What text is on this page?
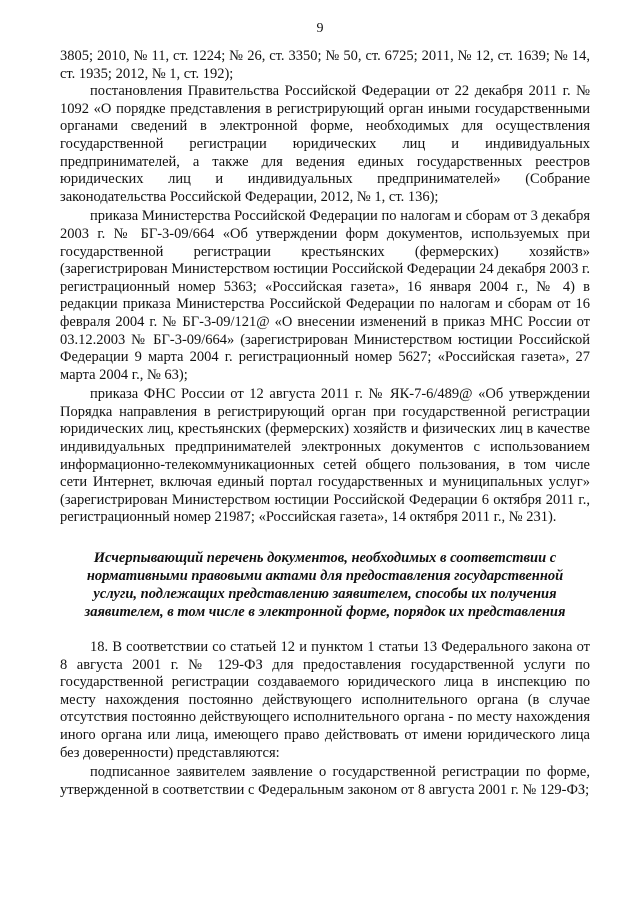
9

3805; 2010, № 11, ст. 1224; № 26, ст. 3350; № 50, ст. 6725; 2011, № 12, ст. 1639; № 14, ст. 1935; 2012, № 1, ст. 192);

постановления Правительства Российской Федерации от 22 декабря 2011 г. № 1092 «О порядке представления в регистрирующий орган иными государственными органами сведений в электронной форме, необходимых для осуществления государственной регистрации юридических лиц и индивидуальных предпринимателей, а также для ведения единых государственных реестров юридических лиц и индивидуальных предпринимателей» (Собрание законодательства Российской Федерации, 2012, № 1, ст. 136);

приказа Министерства Российской Федерации по налогам и сборам от 3 декабря 2003 г. № БГ-3-09/664 «Об утверждении форм документов, используемых при государственной регистрации крестьянских (фермерских) хозяйств» (зарегистрирован Министерством юстиции Российской Федерации 24 декабря 2003 г. регистрационный номер 5363; «Российская газета», 16 января 2004 г., № 4) в редакции приказа Министерства Российской Федерации по налогам и сборам от 16 февраля 2004 г. № БГ-3-09/121@ «О внесении изменений в приказ МНС России от 03.12.2003 № БГ-3-09/664» (зарегистрирован Министерством юстиции Российской Федерации 9 марта 2004 г. регистрационный номер 5627; «Российская газета», 27 марта 2004 г., № 63);

приказа ФНС России от 12 августа 2011 г. № ЯК-7-6/489@ «Об утверждении Порядка направления в регистрирующий орган при государственной регистрации юридических лиц, крестьянских (фермерских) хозяйств и физических лиц в качестве индивидуальных предпринимателей электронных документов с использованием информационно-телекоммуникационных сетей общего пользования, в том числе сети Интернет, включая единый портал государственных и муниципальных услуг» (зарегистрирован Министерством юстиции Российской Федерации 6 октября 2011 г., регистрационный номер 21987; «Российская газета», 14 октября 2011 г., № 231).

Исчерпывающий перечень документов, необходимых в соответствии с нормативными правовыми актами для предоставления государственной услуги, подлежащих представлению заявителем, способы их получения заявителем, в том числе в электронной форме, порядок их представления

18. В соответствии со статьей 12 и пунктом 1 статьи 13 Федерального закона от 8 августа 2001 г. № 129-ФЗ для предоставления государственной услуги по государственной регистрации создаваемого юридического лица в инспекцию по месту нахождения постоянно действующего исполнительного органа (в случае отсутствия постоянно действующего исполнительного органа - по месту нахождения иного органа или лица, имеющего право действовать от имени юридического лица без доверенности) представляются:

подписанное заявителем заявление о государственной регистрации по форме, утвержденной в соответствии с Федеральным законом от 8 августа 2001 г. № 129-ФЗ;
